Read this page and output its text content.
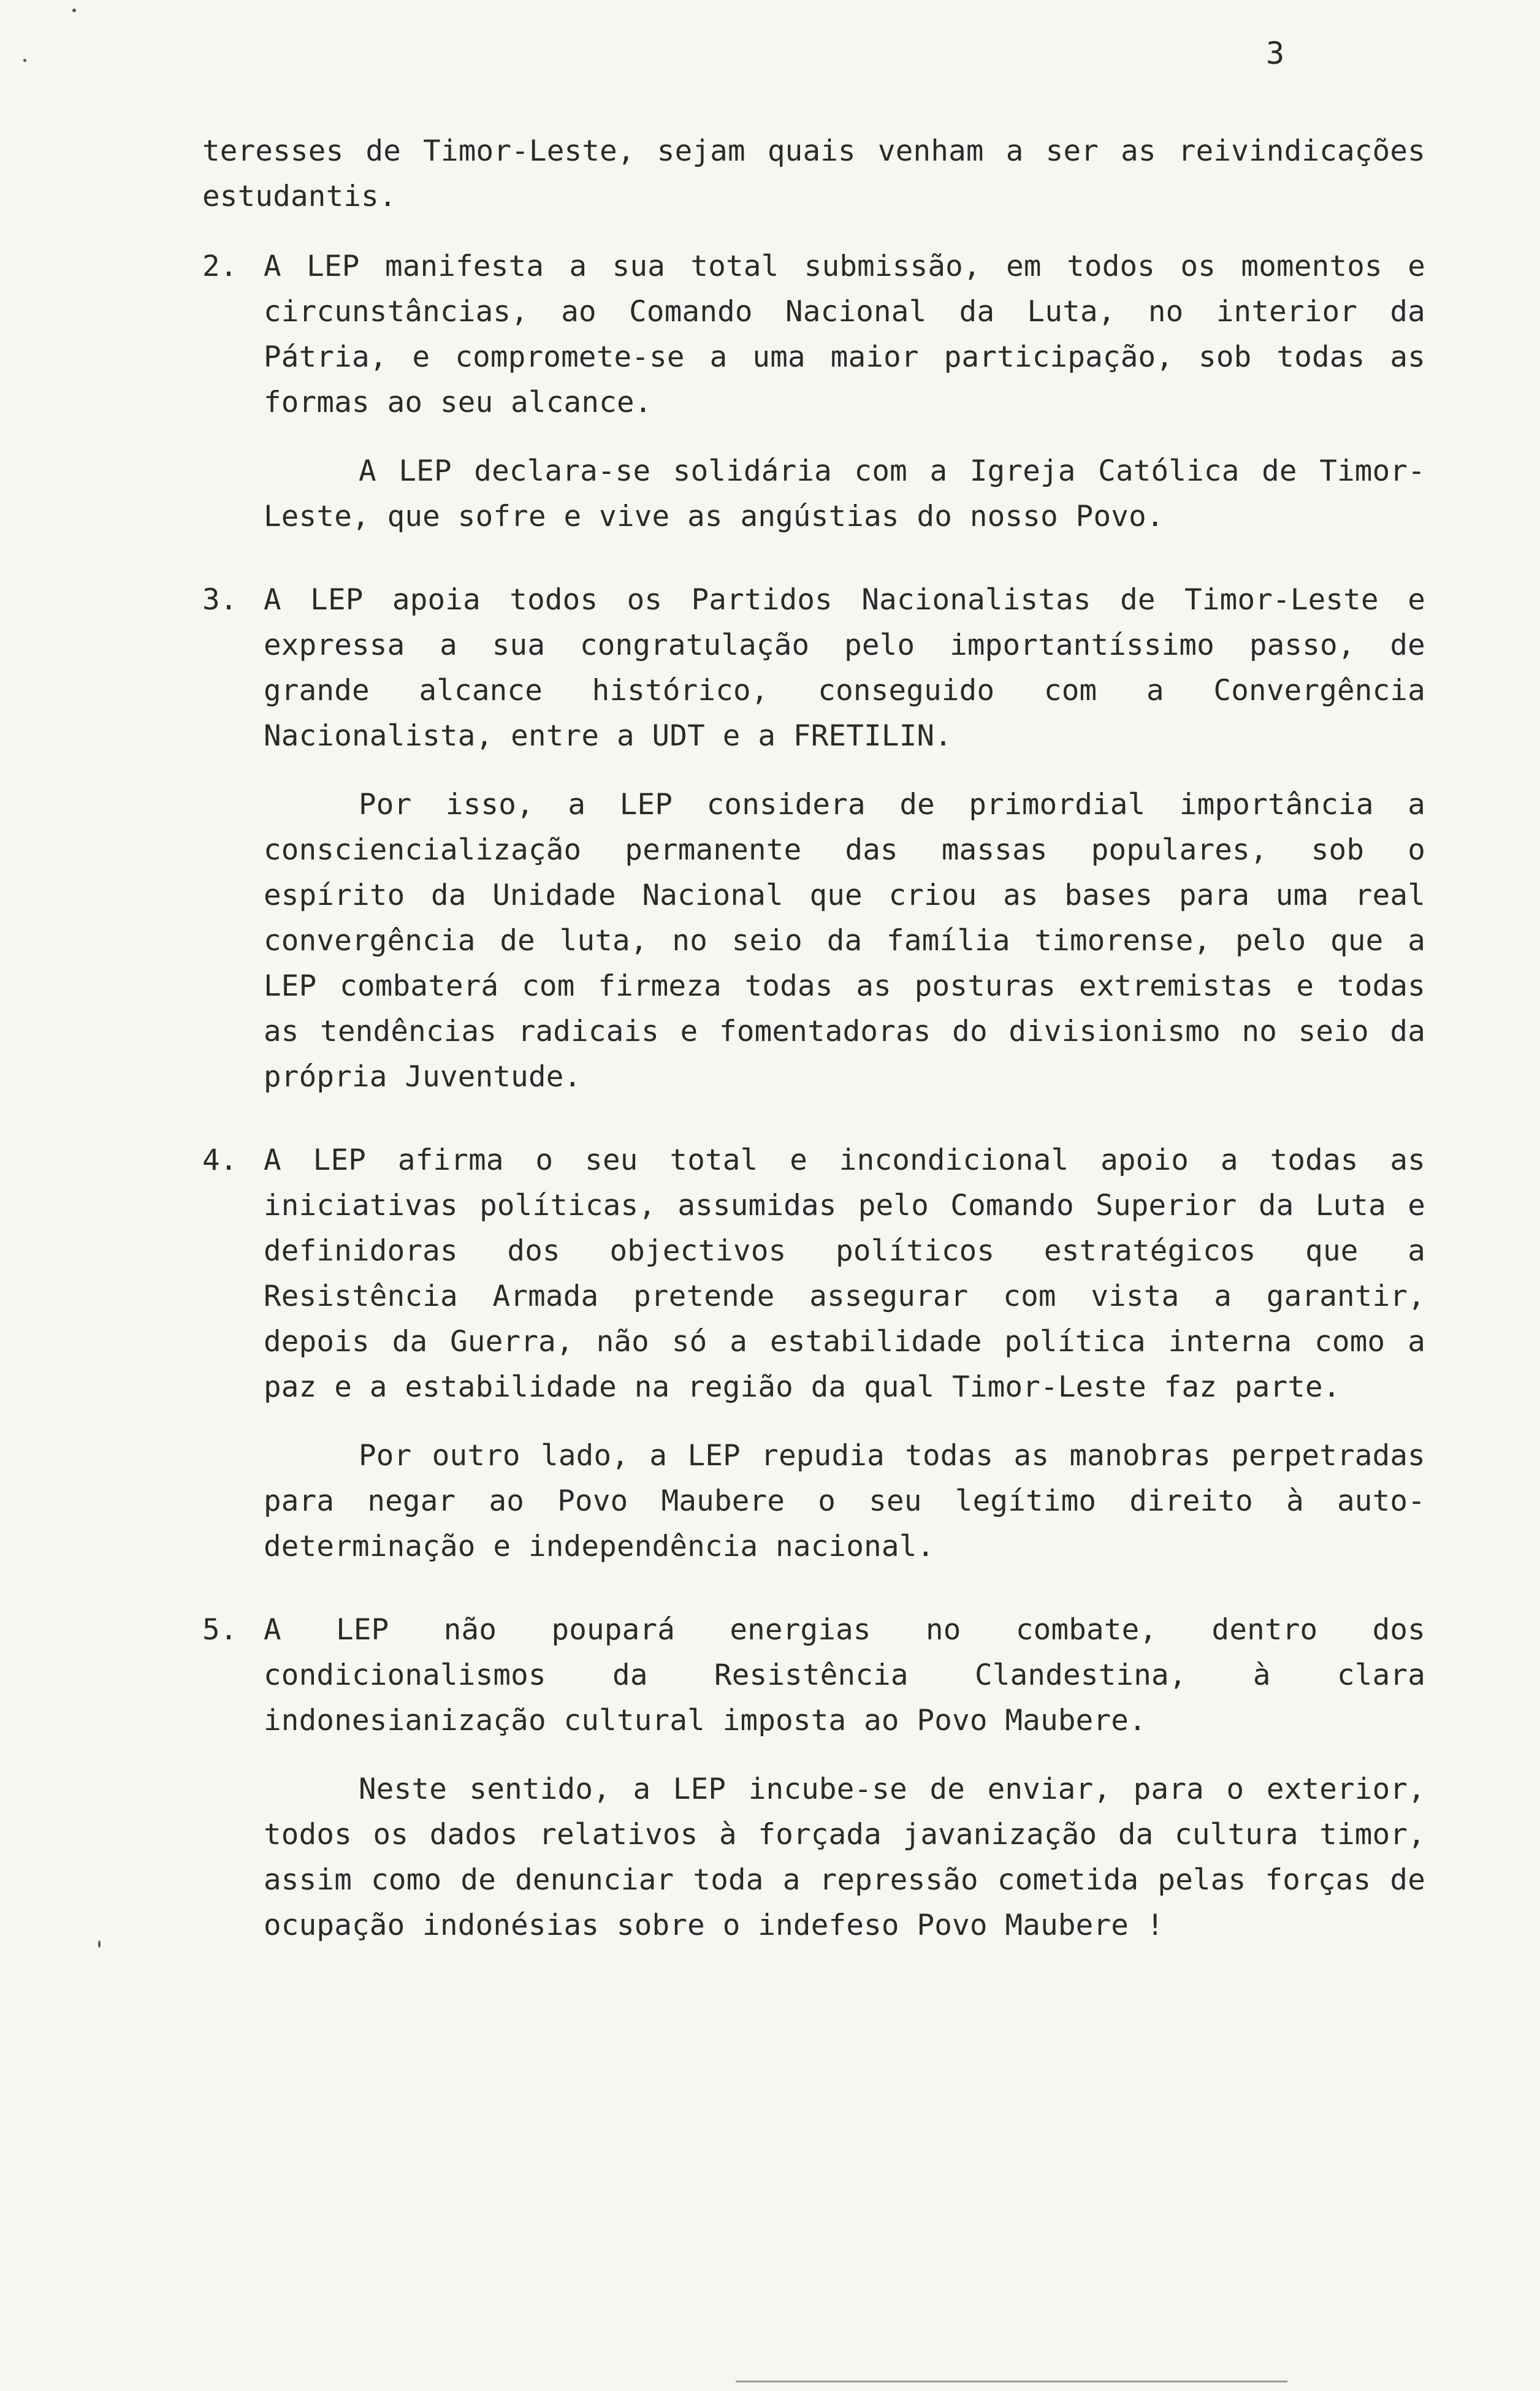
3

teresses de Timor-Leste, sejam quais venham a ser as reivindicações estudantis.

2. A LEP manifesta a sua total submissão, em todos os momentos e circunstâncias, ao Comando Nacional da Luta, no interior da Pátria, e compromete-se a uma maior participação, sob todas as formas ao seu alcance.

A LEP declara-se solidária com a Igreja Católica de Timor-Leste, que sofre e vive as angústias do nosso Povo.

3. A LEP apoia todos os Partidos Nacionalistas de Timor-Leste e expressa a sua congratulação pelo importantíssimo passo, de grande alcance histórico, conseguido com a Convergência Nacionalista, entre a UDT e a FRETILIN.

Por isso, a LEP considera de primordial importância a consciencialização permanente das massas populares, sob o espírito da Unidade Nacional que criou as bases para uma real convergência de luta, no seio da família timorense, pelo que a LEP combaterá com firmeza todas as posturas extremistas e todas as tendências radicais e fomentadoras do divisionismo no seio da própria Juventude.

4. A LEP afirma o seu total e incondicional apoio a todas as iniciativas políticas, assumidas pelo Comando Superior da Luta e definidoras dos objectivos políticos estratégicos que a Resistência Armada pretende assegurar com vista a garantir, depois da Guerra, não só a estabilidade política interna como a paz e a estabilidade na região da qual Timor-Leste faz parte.

Por outro lado, a LEP repudia todas as manobras perpetradas para negar ao Povo Maubere o seu legítimo direito à auto-determinação e independência nacional.

5. A LEP não poupará energias no combate, dentro dos condicionalismos da Resistência Clandestina, à clara indonesianização cultural imposta ao Povo Maubere.

Neste sentido, a LEP incube-se de enviar, para o exterior, todos os dados relativos à forçada javanização da cultura timor, assim como de denunciar toda a repressão cometida pelas forças de ocupação indonésias sobre o indefeso Povo Maubere !
